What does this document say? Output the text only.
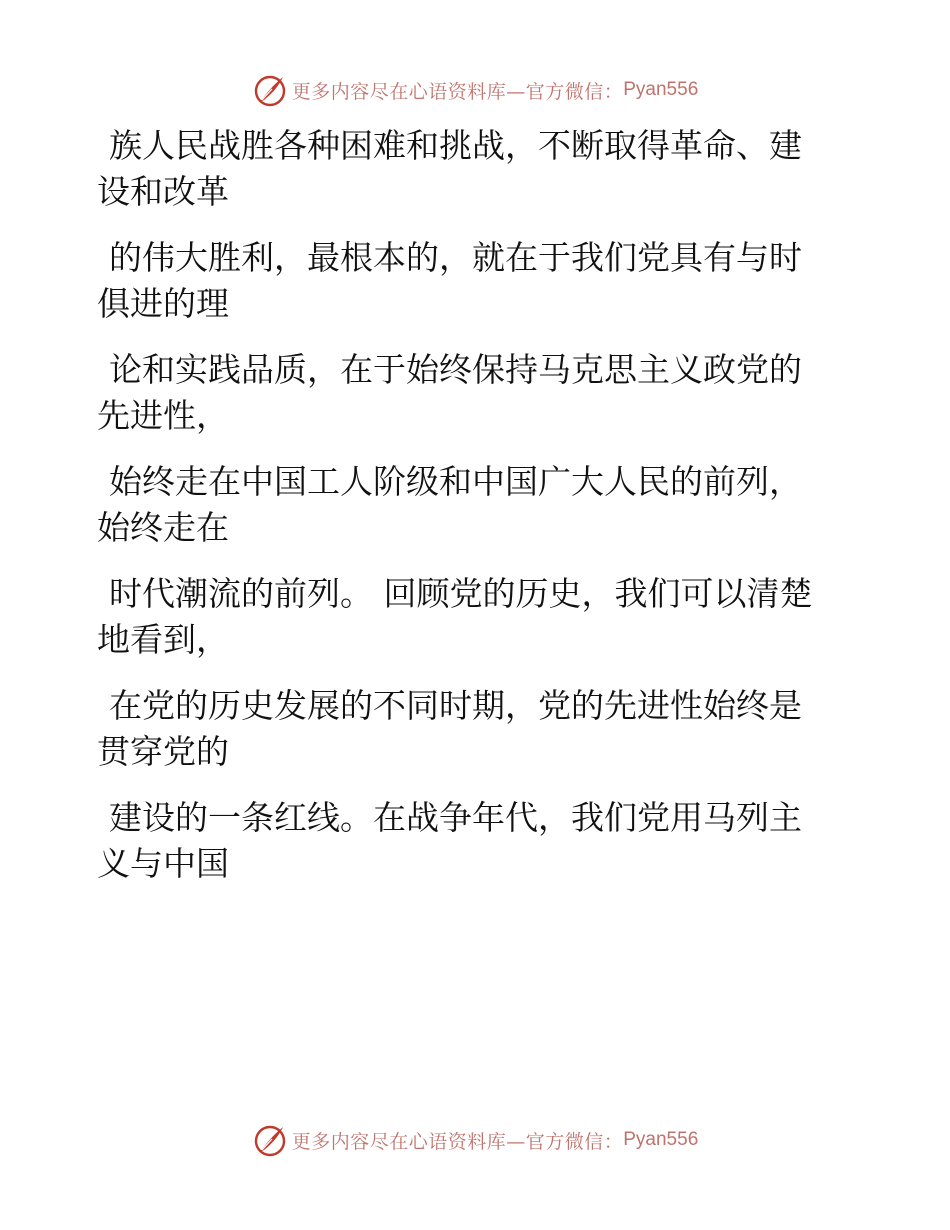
更多内容尽在心语资料库—官方微信： Pyan556
族人民战胜各种困难和挑战，不断取得革命、建
设和改革
的伟大胜利，最根本的，就在于我们党具有与时
俱进的理
论和实践品质，在于始终保持马克思主义政党的
先进性，
始终走在中国工人阶级和中国广大人民的前列，
始终走在
时代潮流的前列。 回顾党的历史，我们可以清楚
地看到，
在党的历史发展的不同时期，党的先进性始终是
贯穿党的
建设的一条红线。在战争年代，我们党用马列主
义与中国
更多内容尽在心语资料库—官方微信： Pyan556
